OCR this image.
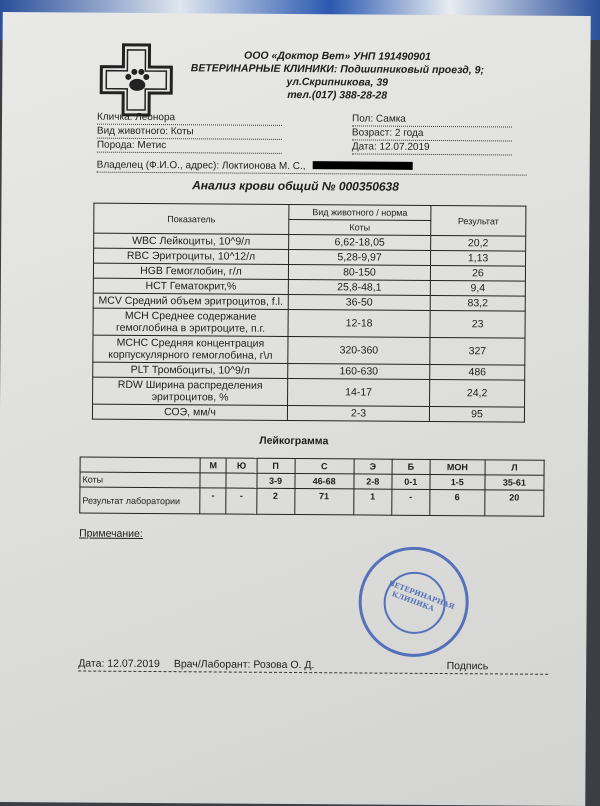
ООО «Доктор Вет» УНП 191490901
ВЕТЕРИНАРНЫЕ КЛИНИКИ: Подшипниковый проезд, 9;
ул.Скрипникова, 39
тел.(017) 388-28-28
Кличка: Леонора
Вид животного: Коты
Порода: Метис
Пол: Самка
Возраст: 2 года
Дата: 12.07.2019
Владелец (Ф.И.О., адрес): Локтионова М. С.,
Анализ крови общий № 000350638
Показатель	Вид животного / норма	Результат
	Коты	
WBC Лейкоциты, 10^9/л	6,62-18,05	20,2
RBC Эритроциты, 10^12/л	5,28-9,97	1,13
HGB Гемоглобин, г/л	80-150	26
HCT Гематокрит,%	25,8-48,1	9,4
MCV Средний объем эритроцитов, f.l.	36-50	83,2
MCH Среднее содержание гемоглобина в эритроците, п.г.	12-18	23
MCHC Средняя концентрация корпускулярного гемоглобина, г\л	320-360	327
PLT Тромбоциты, 10^9/л	160-630	486
RDW Ширина распределения эритроцитов, %	14-17	24,2
СОЭ, мм/ч	2-3	95
Лейкограмма
	М	Ю	П	С	Э	Б	МОН	Л
Коты			3-9	46-68	2-8	0-1	1-5	35-61
Результат лаборатории	-	-	2	71	1	-	6	20
Примечание:
ВЕТЕРИНАРНАЯ КЛИНИКА
Дата: 12.07.2019 Врач/Лаборант: Розова О. Д.	Подпись
